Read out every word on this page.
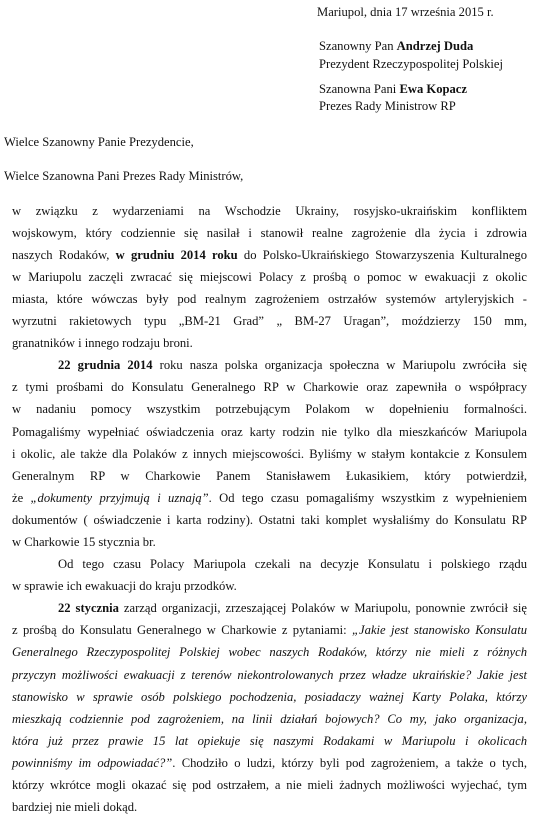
Mariupol, dnia 17 września 2015 r.
Szanowny Pan Andrzej Duda
Prezydent Rzeczypospolitej Polskiej
Szanowna Pani Ewa Kopacz
Prezes Rady Ministrow RP
Wielce Szanowny Panie Prezydencie,
Wielce Szanowna Pani Prezes Rady Ministrów,
w związku z wydarzeniami na Wschodzie Ukrainy, rosyjsko-ukraińskim konfliktem
wojskowym, który codziennie się nasilał i stanowił realne zagrożenie dla życia i zdrowia
naszych Rodaków, w grudniu 2014 roku do Polsko-Ukraińskiego Stowarzyszenia Kulturalnego
w Mariupolu zaczęli zwracać się miejscowi Polacy z prośbą o pomoc w ewakuacji z okolic
miasta, które wówczas były pod realnym zagrożeniem ostrzałów systemów artyleryjskich -
wyrzutni rakietowych typu „BM-21 Grad” „ BM-27 Uragan”, moździerzy 150 mm,
granatników i innego rodzaju broni.
22 grudnia 2014 roku nasza polska organizacja społeczna w Mariupolu zwróciła się
z tymi prośbami do Konsulatu Generalnego RP w Charkowie oraz zapewniła o współpracy
w nadaniu pomocy wszystkim potrzebującym Polakom w dopełnieniu formalności.
Pomagaliśmy wypełniać oświadczenia oraz karty rodzin nie tylko dla mieszkańców Mariupola
i okolic, ale także dla Polaków z innych miejscowości. Byliśmy w stałym kontakcie z Konsulem
Generalnym RP w Charkowie Panem Stanisławem Łukasikiem, który potwierdził,
że „dokumenty przyjmują i uznają”. Od tego czasu pomagaliśmy wszystkim z wypełnieniem
dokumentów ( oświadczenie i karta rodziny). Ostatni taki komplet wysłaliśmy do Konsulatu RP
w Charkowie 15 stycznia br.
Od tego czasu Polacy Mariupola czekali na decyzje Konsulatu i polskiego rządu
w sprawie ich ewakuacji do kraju przodków.
22 stycznia zarząd organizacji, zrzeszającej Polaków w Mariupolu, ponownie zwrócił się
z prośbą do Konsulatu Generalnego w Charkowie z pytaniami: „Jakie jest stanowisko Konsulatu
Generalnego Rzeczypospolitej Polskiej wobec naszych Rodaków, którzy nie mieli z różnych
przyczyn możliwości ewakuacji z terenów niekontrolowanych przez władze ukraińskie? Jakie jest
stanowisko w sprawie osób polskiego pochodzenia, posiadaczy ważnej Karty Polaka, którzy
mieszkają codziennie pod zagrożeniem, na linii działań bojowych? Co my, jako organizacja,
która już przez prawie 15 lat opiekuje się naszymi Rodakami w Mariupolu i okolicach
powinniśmy im odpowiadać?”. Chodziło o ludzi, którzy byli pod zagrożeniem, a także o tych,
którzy wkrótce mogli okazać się pod ostrzałem, a nie mieli żadnych możliwości wyjechać, tym
bardziej nie mieli dokąd.
